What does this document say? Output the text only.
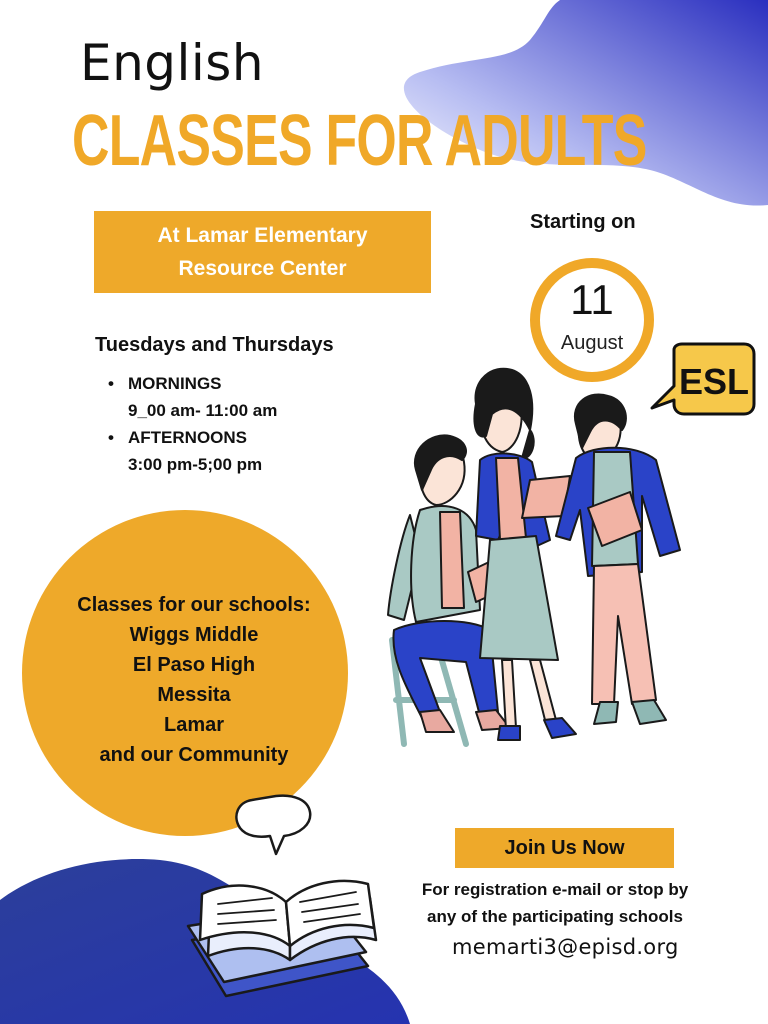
English
CLASSES FOR ADULTS
At Lamar Elementary
Resource Center
Starting on
11
August
Tuesdays and Thursdays
• MORNINGS
9_00 am- 11:00 am
• AFTERNOONS
3:00 pm-5;00 pm
ESL
Classes for our schools:
Wiggs Middle
El Paso High
Messita
Lamar
and our Community
Join Us Now
For registration e-mail or stop by
any of the participating schools
memarti3@episd.org
